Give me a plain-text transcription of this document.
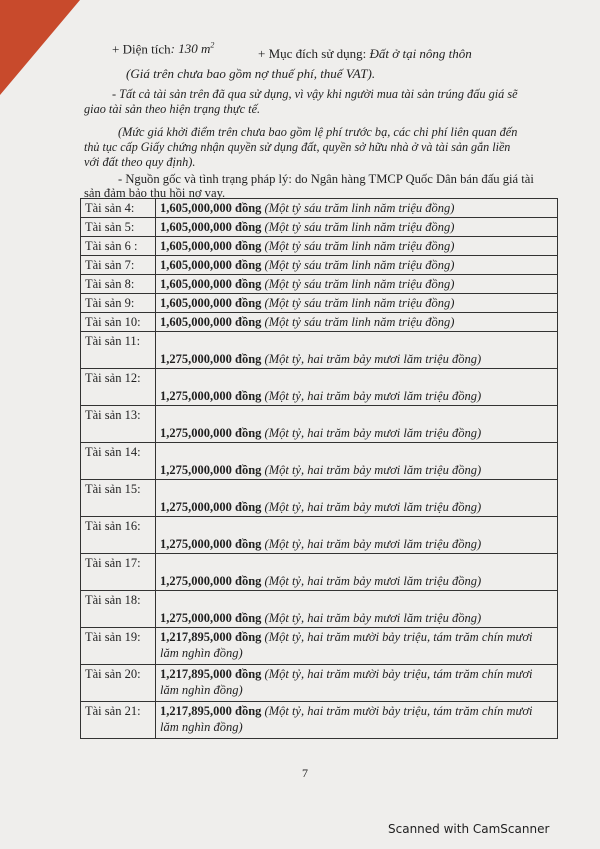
+ Diện tích: 130 $m^2$
+ Mục đích sử dụng: Đất ở tại nông thôn
(Giá trên chưa bao gồm nợ thuế phí, thuế VAT).
- Tất cả tài sản trên đã qua sử dụng, vì vậy khi người mua tài sản trúng đấu giá sẽ
giao tài sản theo hiện trạng thực tế.
(Mức giá khởi điểm trên chưa bao gồm lệ phí trước bạ, các chi phí liên quan đến
thủ tục cấp Giấy chứng nhận quyền sử dụng đất, quyền sở hữu nhà ở và tài sản gắn liền
với đất theo quy định).
- Nguồn gốc và tình trạng pháp lý: do Ngân hàng TMCP Quốc Dân bán đấu giá tài
sản đảm bảo thu hồi nợ vay.
Tài sản 4:	1,605,000,000 đồng (Một tỷ sáu trăm linh năm triệu đồng)
Tài sản 5:	1,605,000,000 đồng (Một tỷ sáu trăm linh năm triệu đồng)
Tài sản 6 :	1,605,000,000 đồng (Một tỷ sáu trăm linh năm triệu đồng)
Tài sản 7:	1,605,000,000 đồng (Một tỷ sáu trăm linh năm triệu đồng)
Tài sản 8:	1,605,000,000 đồng (Một tỷ sáu trăm linh năm triệu đồng)
Tài sản 9:	1,605,000,000 đồng (Một tỷ sáu trăm linh năm triệu đồng)
Tài sản 10:	1,605,000,000 đồng (Một tỷ sáu trăm linh năm triệu đồng)
Tài sản 11:	1,275,000,000 đồng (Một tỷ, hai trăm bảy mươi lăm triệu đồng)
Tài sản 12:	1,275,000,000 đồng (Một tỷ, hai trăm bảy mươi lăm triệu đồng)
Tài sản 13:	1,275,000,000 đồng (Một tỷ, hai trăm bảy mươi lăm triệu đồng)
Tài sản 14:	1,275,000,000 đồng (Một tỷ, hai trăm bảy mươi lăm triệu đồng)
Tài sản 15:	1,275,000,000 đồng (Một tỷ, hai trăm bảy mươi lăm triệu đồng)
Tài sản 16:	1,275,000,000 đồng (Một tỷ, hai trăm bảy mươi lăm triệu đồng)
Tài sản 17:	1,275,000,000 đồng (Một tỷ, hai trăm bảy mươi lăm triệu đồng)
Tài sản 18:	1,275,000,000 đồng (Một tỷ, hai trăm bảy mươi lăm triệu đồng)
Tài sản 19:	1,217,895,000 đồng (Một tỷ, hai trăm mười bảy triệu, tám trăm chín mươi lăm nghìn đồng)
Tài sản 20:	1,217,895,000 đồng (Một tỷ, hai trăm mười bảy triệu, tám trăm chín mươi lăm nghìn đồng)
Tài sản 21:	1,217,895,000 đồng (Một tỷ, hai trăm mười bảy triệu, tám trăm chín mươi lăm nghìn đồng)
7
Scanned with CamScanner
